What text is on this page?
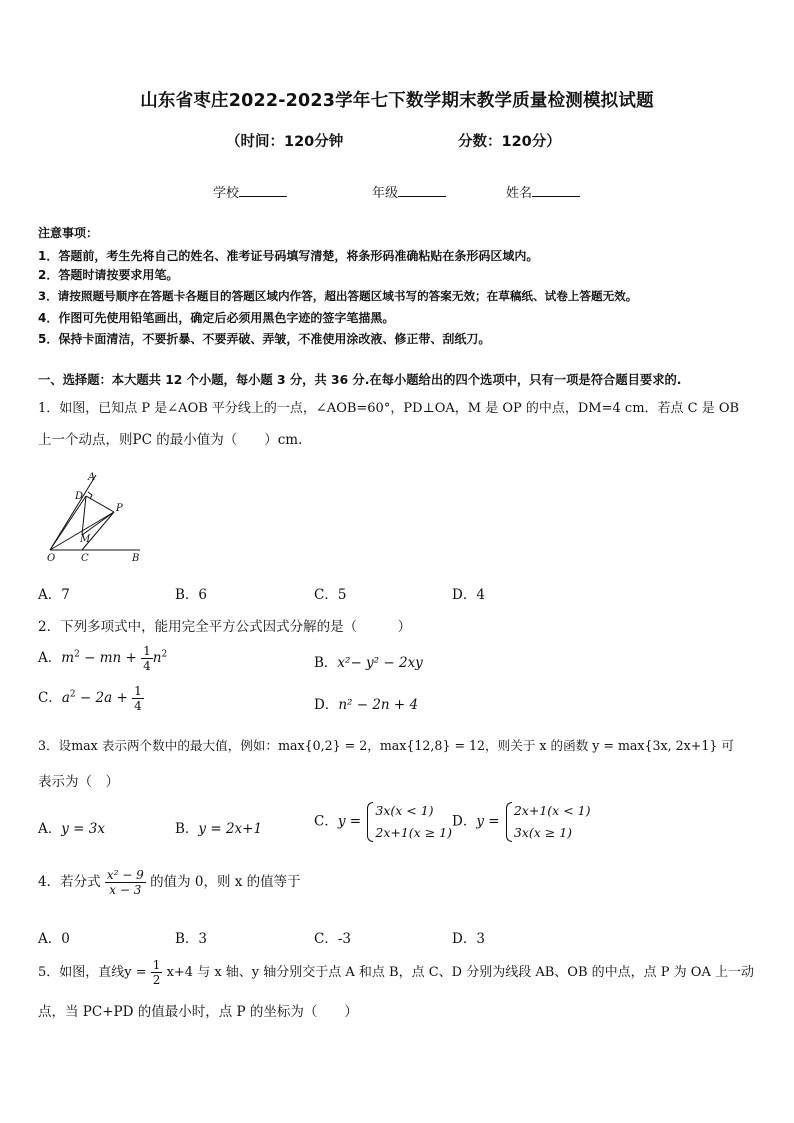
山东省枣庄2022-2023学年七下数学期末教学质量检测模拟试题
（时间：120分钟	分数：120分）
学校	年级	姓名
注意事项：
1．答题前，考生先将自己的姓名、准考证号码填写清楚，将条形码准确粘贴在条形码区域内。
2．答题时请按要求用笔。
3．请按照题号顺序在答题卡各题目的答题区域内作答，超出答题区域书写的答案无效；在草稿纸、试卷上答题无效。
4．作图可先使用铅笔画出，确定后必须用黑色字迹的签字笔描黑。
5．保持卡面清洁，不要折暴、不要弄破、弄皱，不准使用涂改液、修正带、刮纸刀。
一、选择题：本大题共 12 个小题，每小题 3 分，共 36 分.在每小题给出的四个选项中，只有一项是符合题目要求的.
1．如图，已知点 P 是∠AOB 平分线上的一点，∠AOB=60°，PD⊥OA，M 是 OP 的中点，DM=4 cm．若点 C 是 OB
上一个动点，则PC 的最小值为（　　）cm.
A
D
P
M
O	C	B
A．7	B．6	C．5	D．4
2．下列多项式中，能用完全平方公式因式分解的是（　　　）
A．$m^2$ − mn + $\frac{1}{4} n^2$
B．x²− y² − 2xy
C．$a^2 - 2a + \frac{1}{4}$	D．n² − 2n + 4
3．设max 表示两个数中的最大值，例如：max{0,2} = 2，max{12,8} = 12，则关于 x 的函数 y = max{3x, 2x+1} 可
表示为（　）
A．y = 3x	B．y = 2x+1	C．y =
3x(x < 1)
2x+1(x ≥ 1)
D．y =
2x+1(x < 1)
3x(x ≥ 1)
4．若分式 $\frac{\text{x² − 9}}{x - 3}$ 的值为 0，则 x 的值等于
A．0	B．3	C．-3	D．3
5．如图，直线$y = \frac{1}{2} x+4$ 与 x 轴、y 轴分别交于点 A 和点 B，点 C、D 分别为线段 AB、OB 的中点，点 P 为 OA 上一动
点，当 PC+PD 的值最小时，点 P 的坐标为（　　）
